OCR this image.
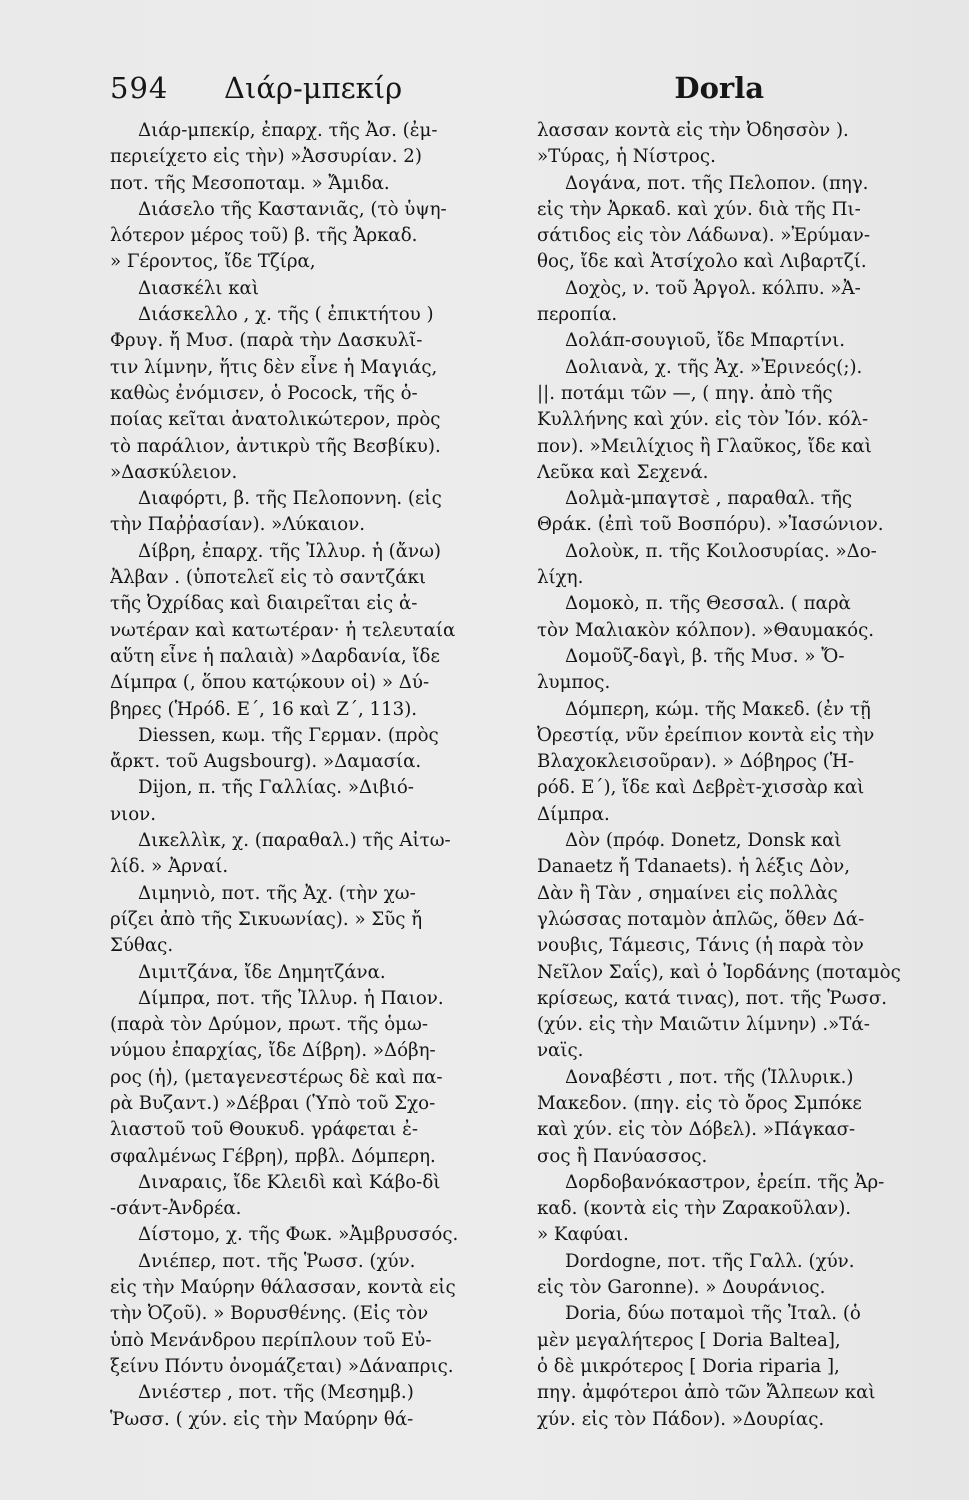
594 Διάρ-μπεκίρ	Dorla
Διάρ-μπεκίρ, ἐπαρχ. τῆς Ἀσ. (ἐμ-
περιείχετο εἰς τὴν) »Ἀσσυρίαν. 2)
ποτ. τῆς Μεσοποταμ. » Ἄμιδα.
Διάσελο τῆς Καστανιᾶς, (τὸ ὑψη-
λότερον μέρος τοῦ) β. τῆς Ἀρκαδ.
» Γέροντος, ἴδε Τζίρα,
Διασκέλι καὶ
Διάσκελλο , χ. τῆς ( ἐπικτήτου )
Φρυγ. ἤ Μυσ. (παρὰ τὴν Δασκυλῖ-
τιν λίμνην, ἥτις δὲν εἶνε ἡ Μαγιάς,
καθὼς ἐνόμισεν, ὁ Pocock, τῆς ὁ-
ποίας κεῖται ἀνατολικώτερον, πρὸς
τὸ παράλιον, ἀντικρὺ τῆς Βεσβίκυ).
»Δασκύλειον.
Διαφόρτι, β. τῆς Πελοποννη. (εἰς
τὴν Παῤῥασίαν). »Λύκαιον.
Δίβρη, ἐπαρχ. τῆς Ἰλλυρ. ἡ (ἄνω)
Ἀλβαν . (ὑποτελεῖ εἰς τὸ σαντζάκι
τῆς Ὀχρίδας καὶ διαιρεῖται εἰς ἀ-
νωτέραν καὶ κατωτέραν· ἡ τελευταία
αὕτη εἶνε ἡ παλαιὰ) »Δαρδανία, ἴδε
Δίμπρα (, ὅπου κατῴκουν οἱ) » Δύ-
βηρες (Ἡρόδ. Ε΄, 16 καὶ Ζ΄, 113).
Diessen, κωμ. τῆς Γερμαν. (πρὸς
ἄρκτ. τοῦ Augsbourg). »Δαμασία.
Dijon, π. τῆς Γαλλίας. »Διβιό-
νιον.
Δικελλὶκ, χ. (παραθαλ.) τῆς Αἰτω-
λίδ. » Ἀρναί.
Διμηνιὸ, ποτ. τῆς Ἀχ. (τὴν χω-
ρίζει ἀπὸ τῆς Σικυωνίας). » Σῦς ἤ
Σύθας.
Διμιτζάνα, ἴδε Δημητζάνα.
Δίμπρα, ποτ. τῆς Ἰλλυρ. ἡ Παιον.
(παρὰ τὸν Δρύμον, πρωτ. τῆς ὁμω-
νύμου ἐπαρχίας, ἴδε Δίβρη). »Δόβη-
ρος (ἡ), (μεταγενεστέρως δὲ καὶ πα-
ρὰ Βυζαντ.) »Δέβραι (Ὑπὸ τοῦ Σχο-
λιαστοῦ τοῦ Θουκυδ. γράφεται ἐ-
σφαλμένως Γέβρη), πρβλ. Δόμπερη.
Διναραις, ἴδε Κλειδὶ καὶ Κάβο-δὶ
-σάντ-Ἀνδρέα.
Δίστομο, χ. τῆς Φωκ. »Ἀμβρυσσός.
Δνιέπερ, ποτ. τῆς Ῥωσσ. (χύν.
εἰς τὴν Μαύρην θάλασσαν, κοντὰ εἰς
τὴν Ὀζοῦ). » Βορυσθένης. (Εἰς τὸν
ὑπὸ Μενάνδρου περίπλουν τοῦ Εὐ-
ξείνυ Πόντυ ὀνομάζεται) »Δάναπρις.
Δνιέστερ , ποτ. τῆς (Μεσημβ.)
Ῥωσσ. ( χύν. εἰς τὴν Μαύρην θά-
λασσαν κοντὰ εἰς τὴν Ὀδησσὸν ).
»Τύρας, ἡ Νίστρος.
Δογάνα, ποτ. τῆς Πελοπον. (πηγ.
εἰς τὴν Ἀρκαδ. καὶ χύν. διὰ τῆς Πι-
σάτιδος εἰς τὸν Λάδωνα). »Ἐρύμαν-
θος, ἴδε καὶ Ἀτσίχολο καὶ Λιβαρτζί.
Δοχὸς, ν. τοῦ Ἀργολ. κόλπυ. »Ἀ-
περοπία.
Δολάπ-σουγιοῦ, ἴδε Μπαρτίνι.
Δολιανὰ, χ. τῆς Ἀχ. »Ἐρινεός(;).
||. ποτάμι τῶν —, ( πηγ. ἀπὸ τῆς
Κυλλήνης καὶ χύν. εἰς τὸν Ἰόν. κόλ-
πον). »Μειλίχιος ἢ Γλαῦκος, ἴδε καὶ
Λεῦκα καὶ Σεχενά.
Δολμὰ-μπαγτσὲ , παραθαλ. τῆς
Θράκ. (ἐπὶ τοῦ Βοσπόρυ). »Ἰασώνιον.
Δολοὺκ, π. τῆς Κοιλοσυρίας. »Δο-
λίχη.
Δομοκὸ, π. τῆς Θεσσαλ. ( παρὰ
τὸν Μαλιακὸν κόλπον). »Θαυμακός.
Δομοῦζ-δαγὶ, β. τῆς Μυσ. » Ὄ-
λυμπος.
Δόμπερη, κώμ. τῆς Μακεδ. (ἐν τῇ
Ὀρεστίᾳ, νῦν ἐρείπιον κοντὰ εἰς τὴν
Βλαχοκλεισοῦραν). » Δόβηρος (Ἡ-
ρόδ. Ε΄), ἴδε καὶ Δεβρὲτ-χισσὰρ καὶ
Δίμπρα.
Δὸν (πρόφ. Donetz, Donsk καὶ
Danaetz ἤ Tdanaets). ἡ λέξις Δὸν,
Δὰν ἢ Τὰν , σημαίνει εἰς πολλὰς
γλώσσας ποταμὸν ἁπλῶς, ὅθεν Δά-
νουβις, Τάμεσις, Τάνις (ἡ παρὰ τὸν
Νεῖλον Σαΐς), καὶ ὁ Ἰορδάνης (ποταμὸς
κρίσεως, κατά τινας), ποτ. τῆς Ῥωσσ.
(χύν. εἰς τὴν Μαιῶτιν λίμνην) .»Τά-
ναϊς.
Δοναβέστι , ποτ. τῆς (Ἰλλυρικ.)
Μακεδον. (πηγ. εἰς τὸ ὄρος Σμπόκε
καὶ χύν. εἰς τὸν Δόβελ). »Πάγκασ-
σος ἢ Πανύασσος.
Δορδοβανόκαστρον, ἐρείπ. τῆς Ἀρ-
καδ. (κοντὰ εἰς τὴν Ζαρακοῦλαν).
» Καφύαι.
Dordogne, ποτ. τῆς Γαλλ. (χύν.
εἰς τὸν Garonne). » Δουράνιος.
Doria, δύω ποταμοὶ τῆς Ἰταλ. (ὁ
μὲν μεγαλήτερος [ Doria Baltea],
ὁ δὲ μικρότερος [ Doria riparia ],
πηγ. ἀμφότεροι ἀπὸ τῶν Ἄλπεων καὶ
χύν. εἰς τὸν Πάδον). »Δουρίας.
